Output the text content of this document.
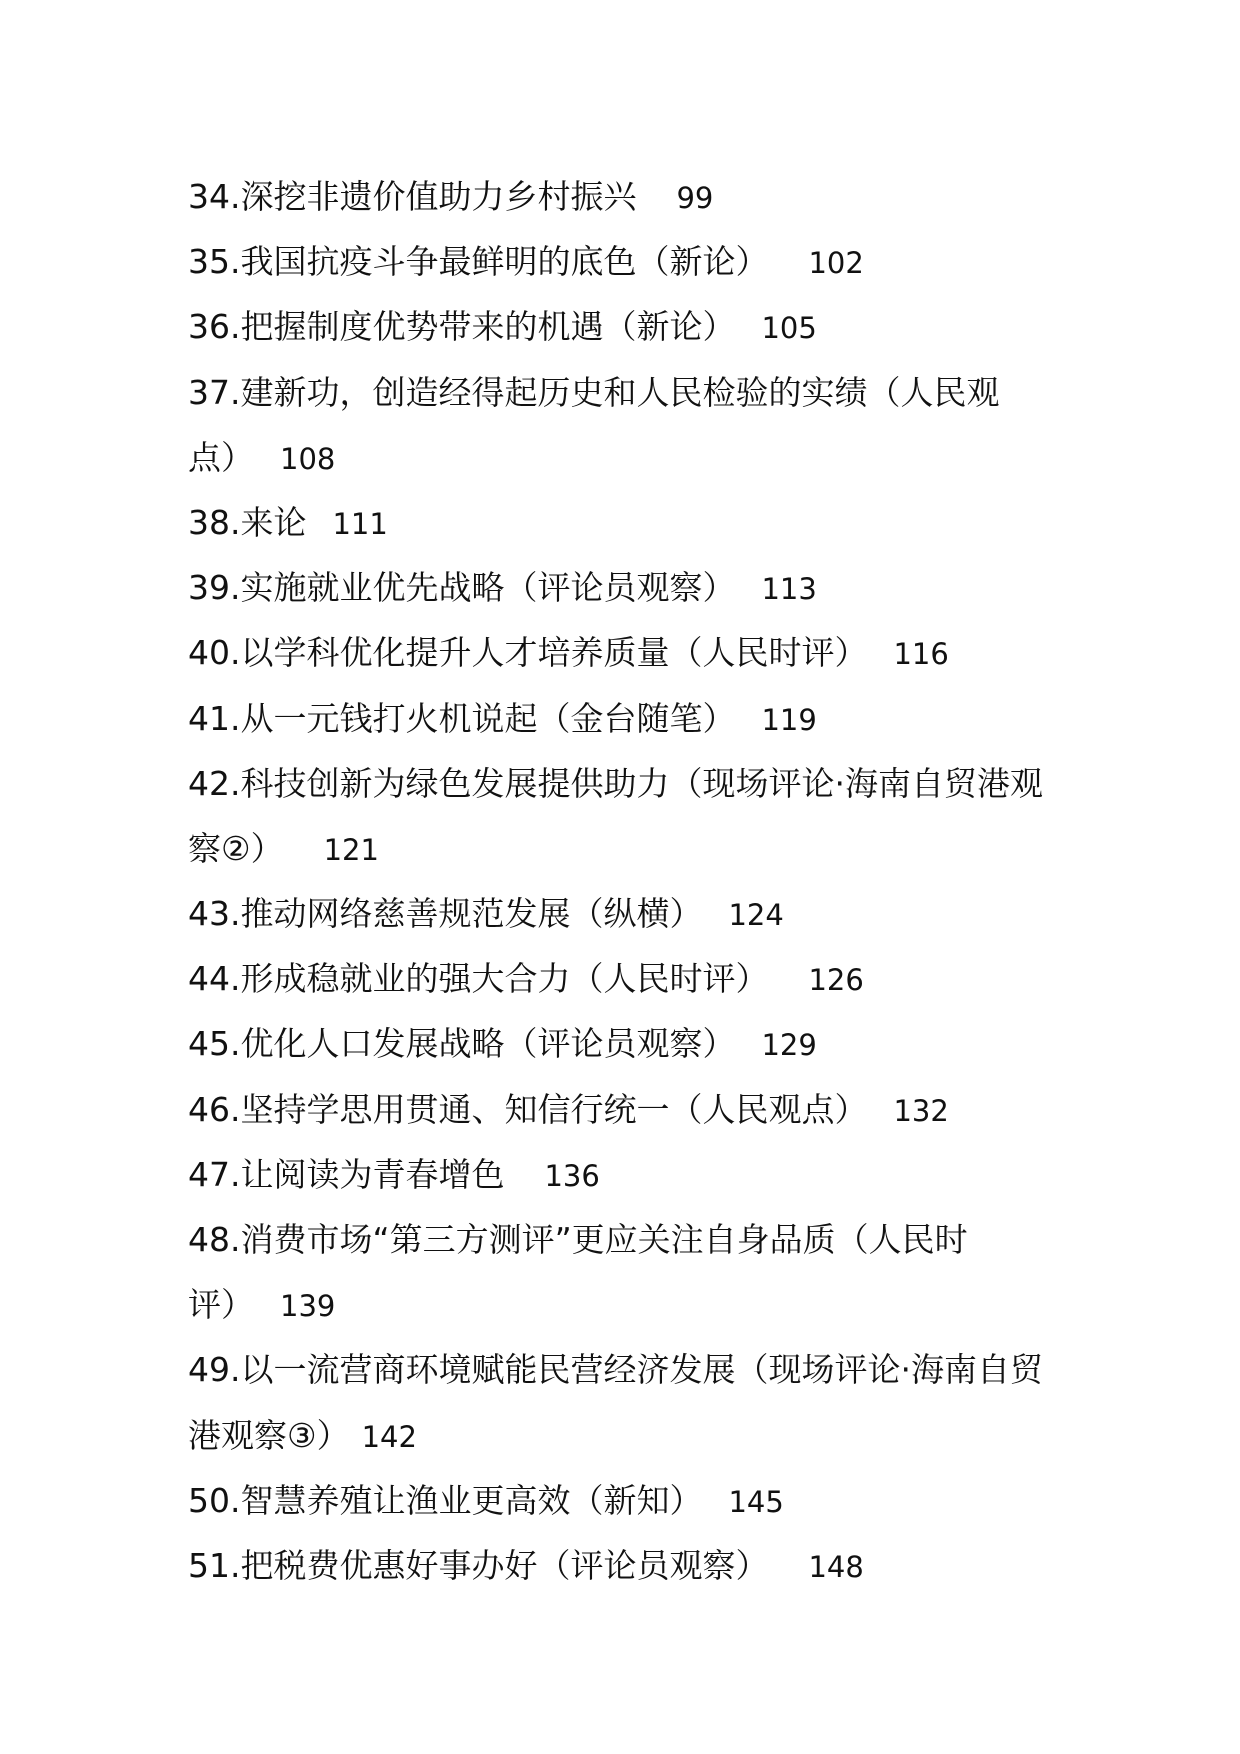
34.深挖非遗价值助力乡村振兴 99
35.我国抗疫斗争最鲜明的底色（新论） 102
36.把握制度优势带来的机遇（新论） 105
37.建新功，创造经得起历史和人民检验的实绩（人民观
点） 108
38.来论 111
39.实施就业优先战略（评论员观察） 113
40.以学科优化提升人才培养质量（人民时评） 116
41.从一元钱打火机说起（金台随笔） 119
42.科技创新为绿色发展提供助力（现场评论·海南自贸港观
察②） 121
43.推动网络慈善规范发展（纵横） 124
44.形成稳就业的强大合力（人民时评） 126
45.优化人口发展战略（评论员观察） 129
46.坚持学思用贯通、知信行统一（人民观点） 132
47.让阅读为青春增色 136
48.消费市场“第三方测评”更应关注自身品质（人民时
评） 139
49.以一流营商环境赋能民营经济发展（现场评论·海南自贸
港观察③） 142
50.智慧养殖让渔业更高效（新知） 145
51.把税费优惠好事办好（评论员观察） 148
